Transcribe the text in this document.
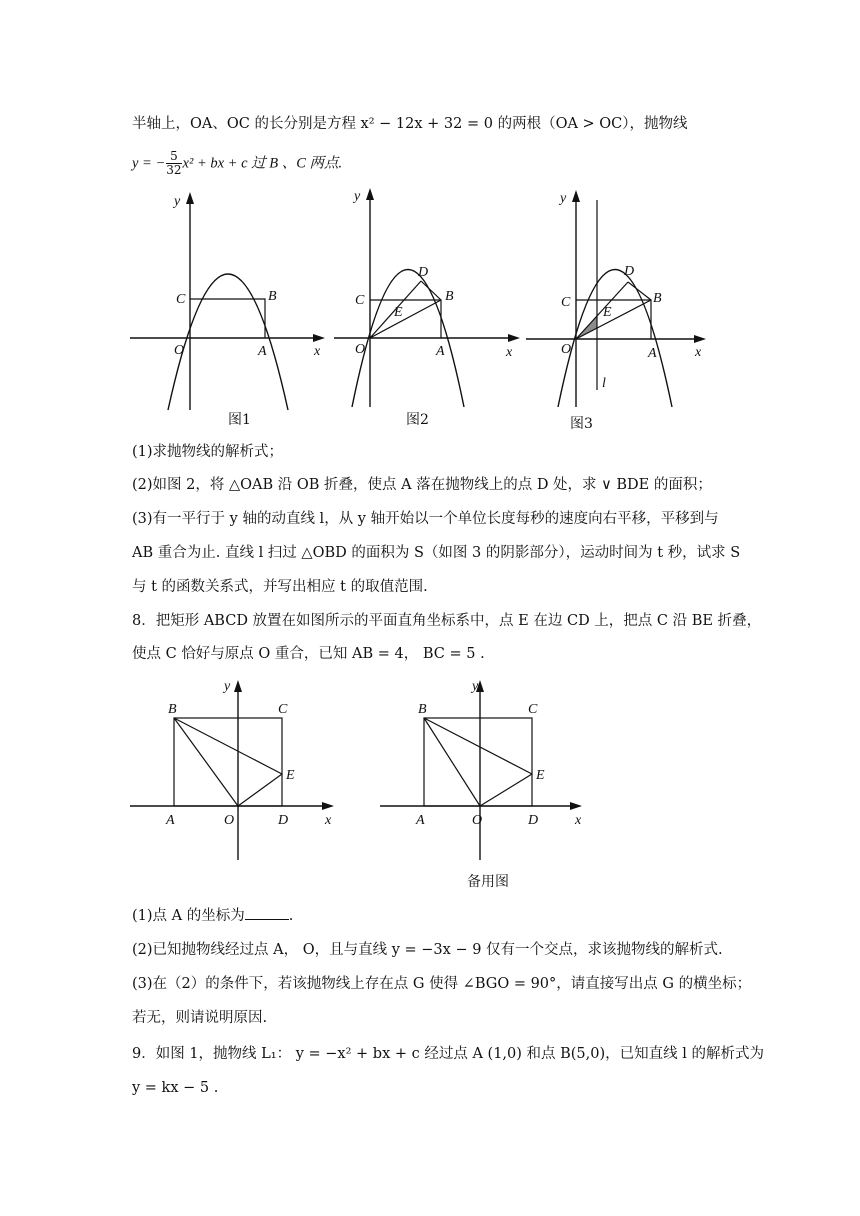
半轴上，OA、OC 的长分别是方程 x² − 12x + 32 = 0 的两根（OA > OC），抛物线
y = − $\frac{5}{32} x^2$ + bx + c 过 B 、C 两点.
y
x
O
C	B
A
图1
y
x
O
C	B
A
D
E
图2
y
x
O
C	B
A
D
E
l
图3
(1)求抛物线的解析式；
(2)如图 2，将 △OAB 沿 OB 折叠，使点 A 落在抛物线上的点 D 处，求 ∨ BDE 的面积；
(3)有一平行于 y 轴的动直线 l，从 y 轴开始以一个单位长度每秒的速度向右平移，平移到与
AB 重合为止. 直线 l 扫过 △OBD 的面积为 S（如图 3 的阴影部分），运动时间为 t 秒，试求 S
与 t 的函数关系式，并写出相应 t 的取值范围.
8．把矩形 ABCD 放置在如图所示的平面直角坐标系中，点 E 在边 CD 上，把点 C 沿 BE 折叠，
使点 C 恰好与原点 O 重合，已知 AB = 4， BC = 5 .
y
x
B	C
E
A	O	D
y
x
B	C
E
A	O	D
备用图
(1)点 A 的坐标为	.
(2)已知抛物线经过点 A， O，且与直线 y = −3x − 9 仅有一个交点，求该抛物线的解析式.
(3)在（2）的条件下，若该抛物线上存在点 G 使得 ∠BGO = 90°，请直接写出点 G 的横坐标；
若无，则请说明原因.
9．如图 1，抛物线 L₁： y = −x² + bx + c 经过点 A (1,0) 和点 B(5,0)，已知直线 l 的解析式为
y = kx − 5 .
